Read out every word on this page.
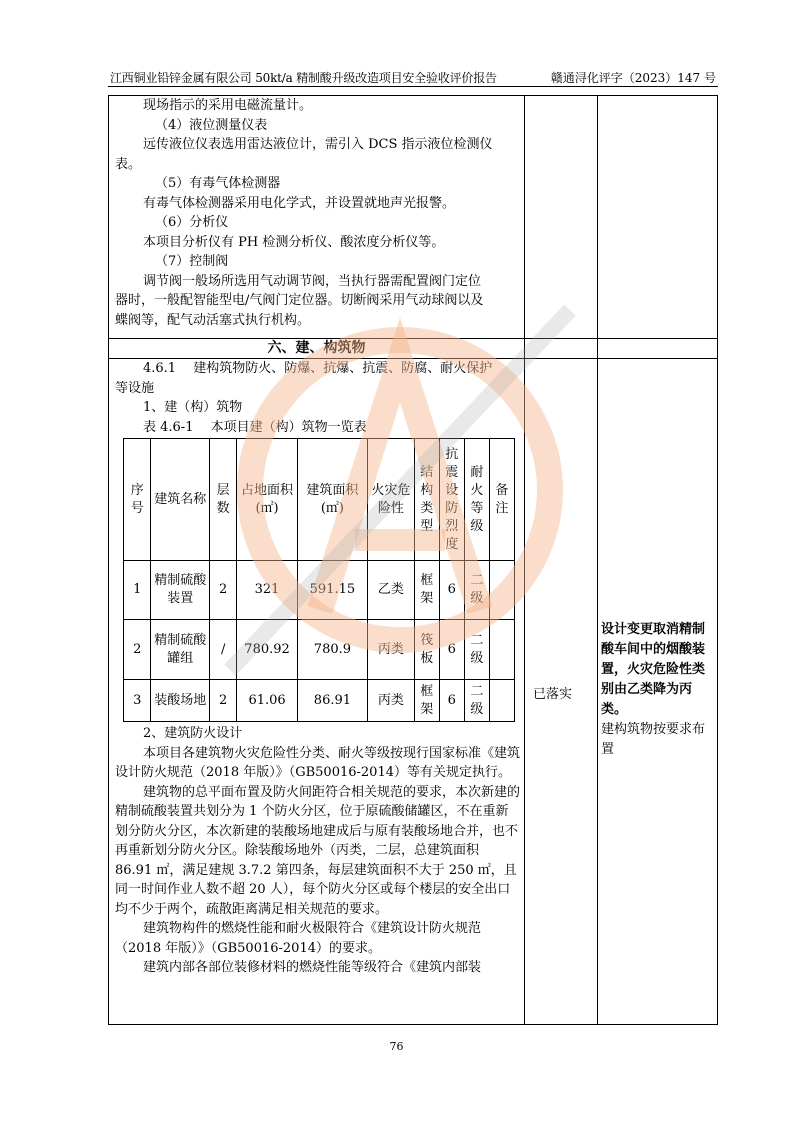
江西铜业铅锌金属有限公司 50kt/a 精制酸升级改造项目安全验收评价报告	赣通浔化评字（2023）147 号

现场指示的采用电磁流量计。

（4）液位测量仪表

远传液位仪表选用雷达液位计，需引入 DCS 指示液位检测仪

表。

（5）有毒气体检测器

有毒气体检测器采用电化学式，并设置就地声光报警。

（6）分析仪

本项目分析仪有 PH 检测分析仪、酸浓度分析仪等。

（7）控制阀

调节阀一般场所选用气动调节阀，当执行器需配置阀门定位

器时，一般配智能型电/气阀门定位器。切断阀采用气动球阀以及

蝶阀等，配气动活塞式执行机构。

六、建、构筑物

4.6.1　 建构筑物防火、防爆、抗爆、抗震、防腐、耐火保护

等设施

1、建（构）筑物

表 4.6-1　 本项目建（构）筑物一览表

序号	建筑名称	层数	占地面积(㎡)	建筑面积(㎡)	火灾危险性	结构类型	抗震设防烈度	耐火等级	备注
1	精制硫酸装置	2	321	591.15	乙类	框架	6	二级	
2	精制硫酸罐组	/	780.92	780.9	丙类	筏板	6	二级	
3	装酸场地	2	61.06	86.91	丙类	框架	6	二级	

2、建筑防火设计

本项目各建筑物火灾危险性分类、耐火等级按现行国家标准《建筑设计防火规范（2018 年版）》（GB50016-2014）等有关规定执行。

建筑物的总平面布置及防火间距符合相关规范的要求，本次新建的精制硫酸装置共划分为 1 个防火分区，位于原硫酸储罐区，不在重新划分防火分区，本次新建的装酸场地建成后与原有装酸场地合并，也不再重新划分防火分区。除装酸场地外（丙类，二层，总建筑面积 86.91 ㎡，满足建规 3.7.2 第四条，每层建筑面积不大于 250 ㎡，且同一时间作业人数不超 20 人），每个防火分区或每个楼层的安全出口均不少于两个，疏散距离满足相关规范的要求。

建筑物构件的燃烧性能和耐火极限符合《建筑设计防火规范（2018 年版）》（GB50016-2014）的要求。

建筑内部各部位装修材料的燃烧性能等级符合《建筑内部装

已落实
设计变更取消精制酸车间中的烟酸装置，火灾危险性类别由乙类降为丙类。
建构筑物按要求布置
76
